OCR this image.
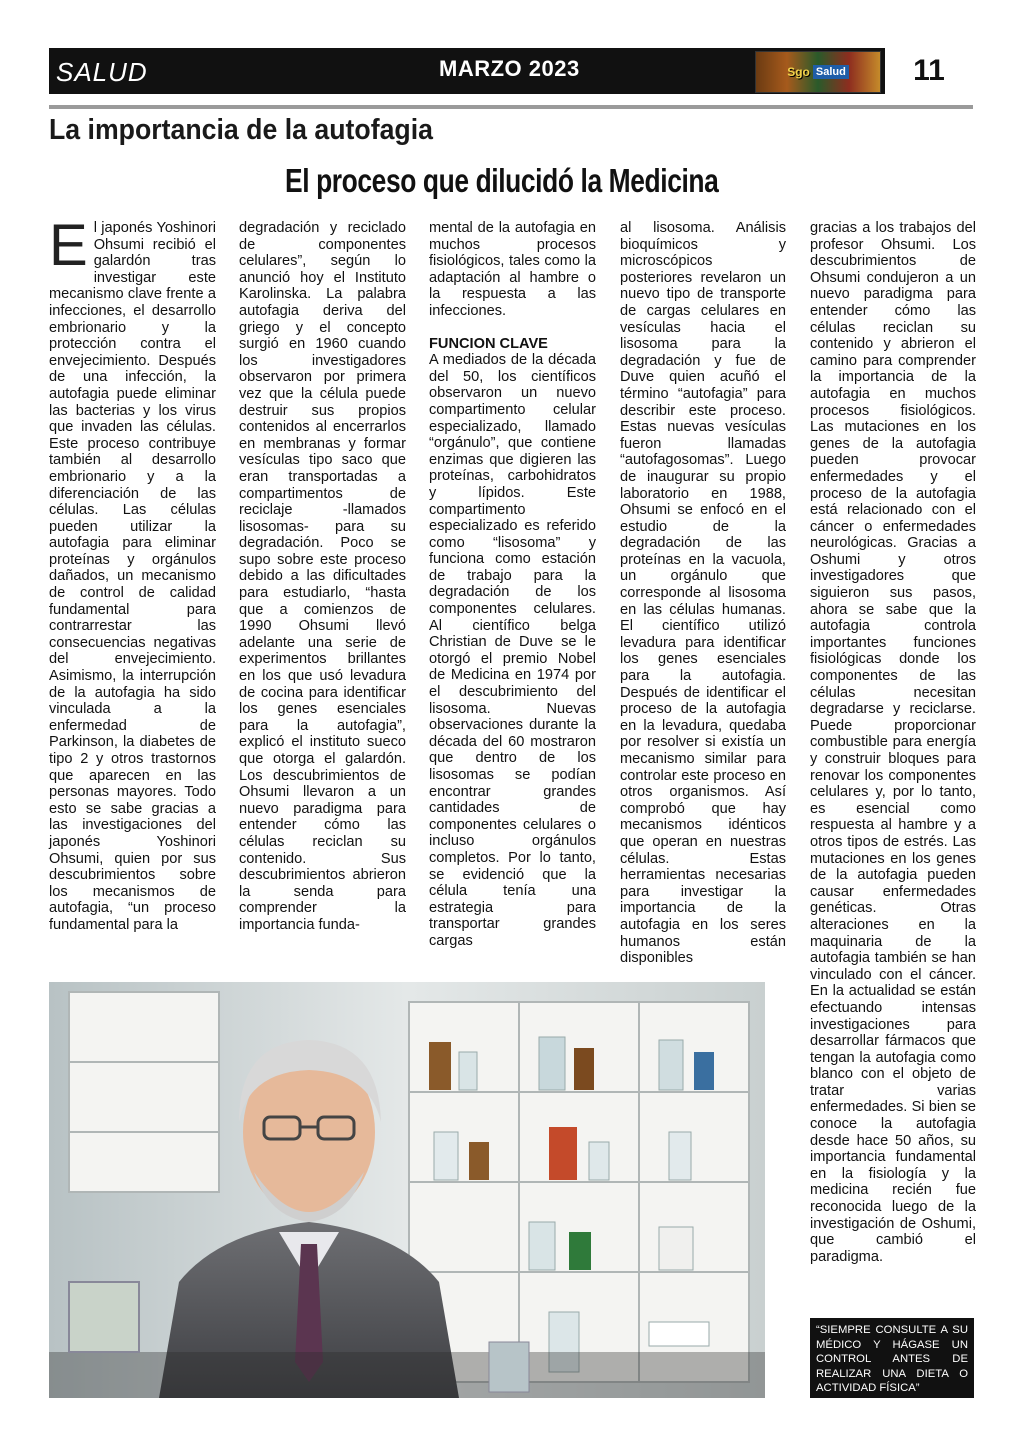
SALUD	MARZO 2023	Sgo Salud 11
La importancia de la autofagia
El proceso que dilucidó la Medicina
E l japonés Yoshinori Ohsumi recibió el galardón tras investigar este mecanismo clave frente a infecciones, el desarrollo embrionario y la protección contra el envejecimiento. Después de una infección, la autofagia puede eliminar las bacterias y los virus que invaden las células. Este proceso contribuye también al desarrollo embrionario y a la diferenciación de las células. Las células pueden utilizar la autofagia para eliminar proteínas y orgánulos dañados, un mecanismo de control de calidad fundamental para contrarrestar las consecuencias negativas del envejecimiento. Asimismo, la interrupción de la autofagia ha sido vinculada a la enfermedad de Parkinson, la diabetes de tipo 2 y otros trastornos que aparecen en las personas mayores. Todo esto se sabe gracias a las investigaciones del japonés Yoshinori Ohsumi, quien por sus descubrimientos sobre los mecanismos de autofagia, “un proceso fundamental para la

degradación y reciclado de componentes celulares”, según lo anunció hoy el Instituto Karolinska. La palabra autofagia deriva del griego y el concepto surgió en 1960 cuando los investigadores observaron por primera vez que la célula puede destruir sus propios contenidos al encerrarlos en membranas y formar vesículas tipo saco que eran transportadas a compartimentos de reciclaje -llamados lisosomas- para su degradación. Poco se supo sobre este proceso debido a las dificultades para estudiarlo, “hasta que a comienzos de 1990 Ohsumi llevó adelante una serie de experimentos brillantes en los que usó levadura de cocina para identificar los genes esenciales para la autofagia”, explicó el instituto sueco que otorga el galardón. Los descubrimientos de Ohsumi llevaron a un nuevo paradigma para entender cómo las células reciclan su contenido. Sus descubrimientos abrieron la senda para comprender la importancia funda-

mental de la autofagia en muchos procesos fisiológicos, tales como la adaptación al hambre o la respuesta a las infecciones.

FUNCION CLAVE

A mediados de la década del 50, los científicos observaron un nuevo compartimento celular especializado, llamado “orgánulo”, que contiene enzimas que digieren las proteínas, carbohidratos y lípidos. Este compartimento especializado es referido como “lisosoma” y funciona como estación de trabajo para la degradación de los componentes celulares. Al científico belga Christian de Duve se le otorgó el premio Nobel de Medicina en 1974 por el descubrimiento del lisosoma. Nuevas observaciones durante la década del 60 mostraron que dentro de los lisosomas se podían encontrar grandes cantidades de componentes celulares o incluso orgánulos completos. Por lo tanto, se evidenció que la célula tenía una estrategia para transportar grandes cargas

al lisosoma. Análisis bioquímicos y microscópicos posteriores revelaron un nuevo tipo de transporte de cargas celulares en vesículas hacia el lisosoma para la degradación y fue de Duve quien acuñó el término “autofagia” para describir este proceso. Estas nuevas vesículas fueron llamadas “autofagosomas”. Luego de inaugurar su propio laboratorio en 1988, Ohsumi se enfocó en el estudio de la degradación de las proteínas en la vacuola, un orgánulo que corresponde al lisosoma en las células humanas. El científico utilizó levadura para identificar los genes esenciales para la autofagia. Después de identificar el proceso de la autofagia en la levadura, quedaba por resolver si existía un mecanismo similar para controlar este proceso en otros organismos. Así comprobó que hay mecanismos idénticos que operan en nuestras células. Estas herramientas necesarias para investigar la importancia de la autofagia en los seres humanos están disponibles

gracias a los trabajos del profesor Ohsumi. Los descubrimientos de Ohsumi condujeron a un nuevo paradigma para entender cómo las células reciclan su contenido y abrieron el camino para comprender la importancia de la autofagia en muchos procesos fisiológicos. Las mutaciones en los genes de la autofagia pueden provocar enfermedades y el proceso de la autofagia está relacionado con el cáncer o enfermedades neurológicas. Gracias a Oshumi y otros investigadores que siguieron sus pasos, ahora se sabe que la autofagia controla importantes funciones fisiológicas donde los componentes de las células necesitan degradarse y reciclarse. Puede proporcionar combustible para energía y construir bloques para renovar los componentes celulares y, por lo tanto, es esencial como respuesta al hambre y a otros tipos de estrés. Las mutaciones en los genes de la autofagia pueden causar enfermedades genéticas. Otras alteraciones en la maquinaria de la autofagia también se han vinculado con el cáncer. En la actualidad se están efectuando intensas investigaciones para desarrollar fármacos que tengan la autofagia como blanco con el objeto de tratar varias enfermedades. Si bien se conoce la autofagia desde hace 50 años, su importancia fundamental en la fisiología y la medicina recién fue reconocida luego de la investigación de Oshumi, que cambió el paradigma.

“SIEMPRE CONSULTE A SU MÉDICO Y HÁGASE UN CONTROL ANTES DE REALIZAR UNA DIETA O ACTIVIDAD FÍSICA”
